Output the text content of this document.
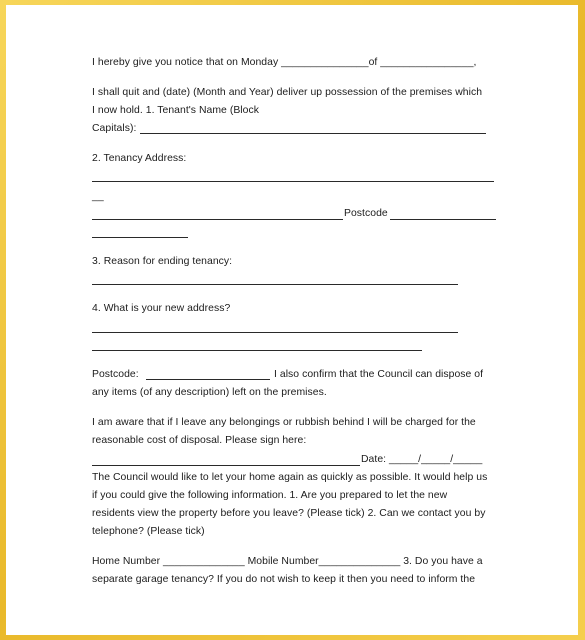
I hereby give you notice that on Monday _______________of ________________,
I shall quit and (date) (Month and Year) deliver up possession of the premises which
I now hold. 1. Tenant's Name (Block
Capitals):
2. Tenancy Address:
__
Postcode
3. Reason for ending tenancy:
4. What is your new address?
Postcode:	I also confirm that the Council can dispose of
any items (of any description) left on the premises.
I am aware that if I leave any belongings or rubbish behind I will be charged for the
reasonable cost of disposal. Please sign here:
Date: _____/_____/_____
The Council would like to let your home again as quickly as possible. It would help us
if you could give the following information. 1. Are you prepared to let the new
residents view the property before you leave? (Please tick) 2. Can we contact you by
telephone? (Please tick)
Home Number ______________ Mobile Number______________ 3. Do you have a
separate garage tenancy? If you do not wish to keep it then you need to inform the
